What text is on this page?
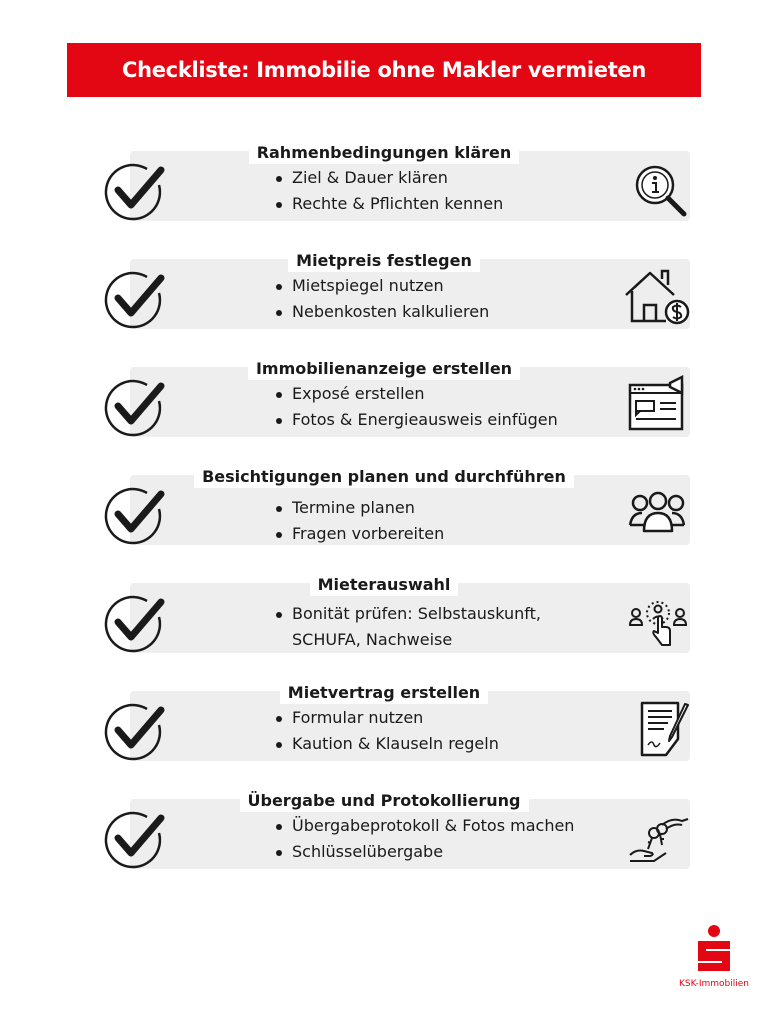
Checkliste: Immobilie ohne Makler vermieten
Rahmenbedingungen klären
Ziel & Dauer klären
Rechte & Pflichten kennen
Mietpreis festlegen
Mietspiegel nutzen
Nebenkosten kalkulieren
Immobilienanzeige erstellen
Exposé erstellen
Fotos & Energieausweis einfügen
Besichtigungen planen und durchführen
Termine planen
Fragen vorbereiten
Mieterauswahl
Bonität prüfen: Selbstauskunft, SCHUFA, Nachweise
Mietvertrag erstellen
Formular nutzen
Kaution & Klauseln regeln
Übergabe und Protokollierung
Übergabeprotokoll & Fotos machen
Schlüsselübergabe
KSK-Immobilien
